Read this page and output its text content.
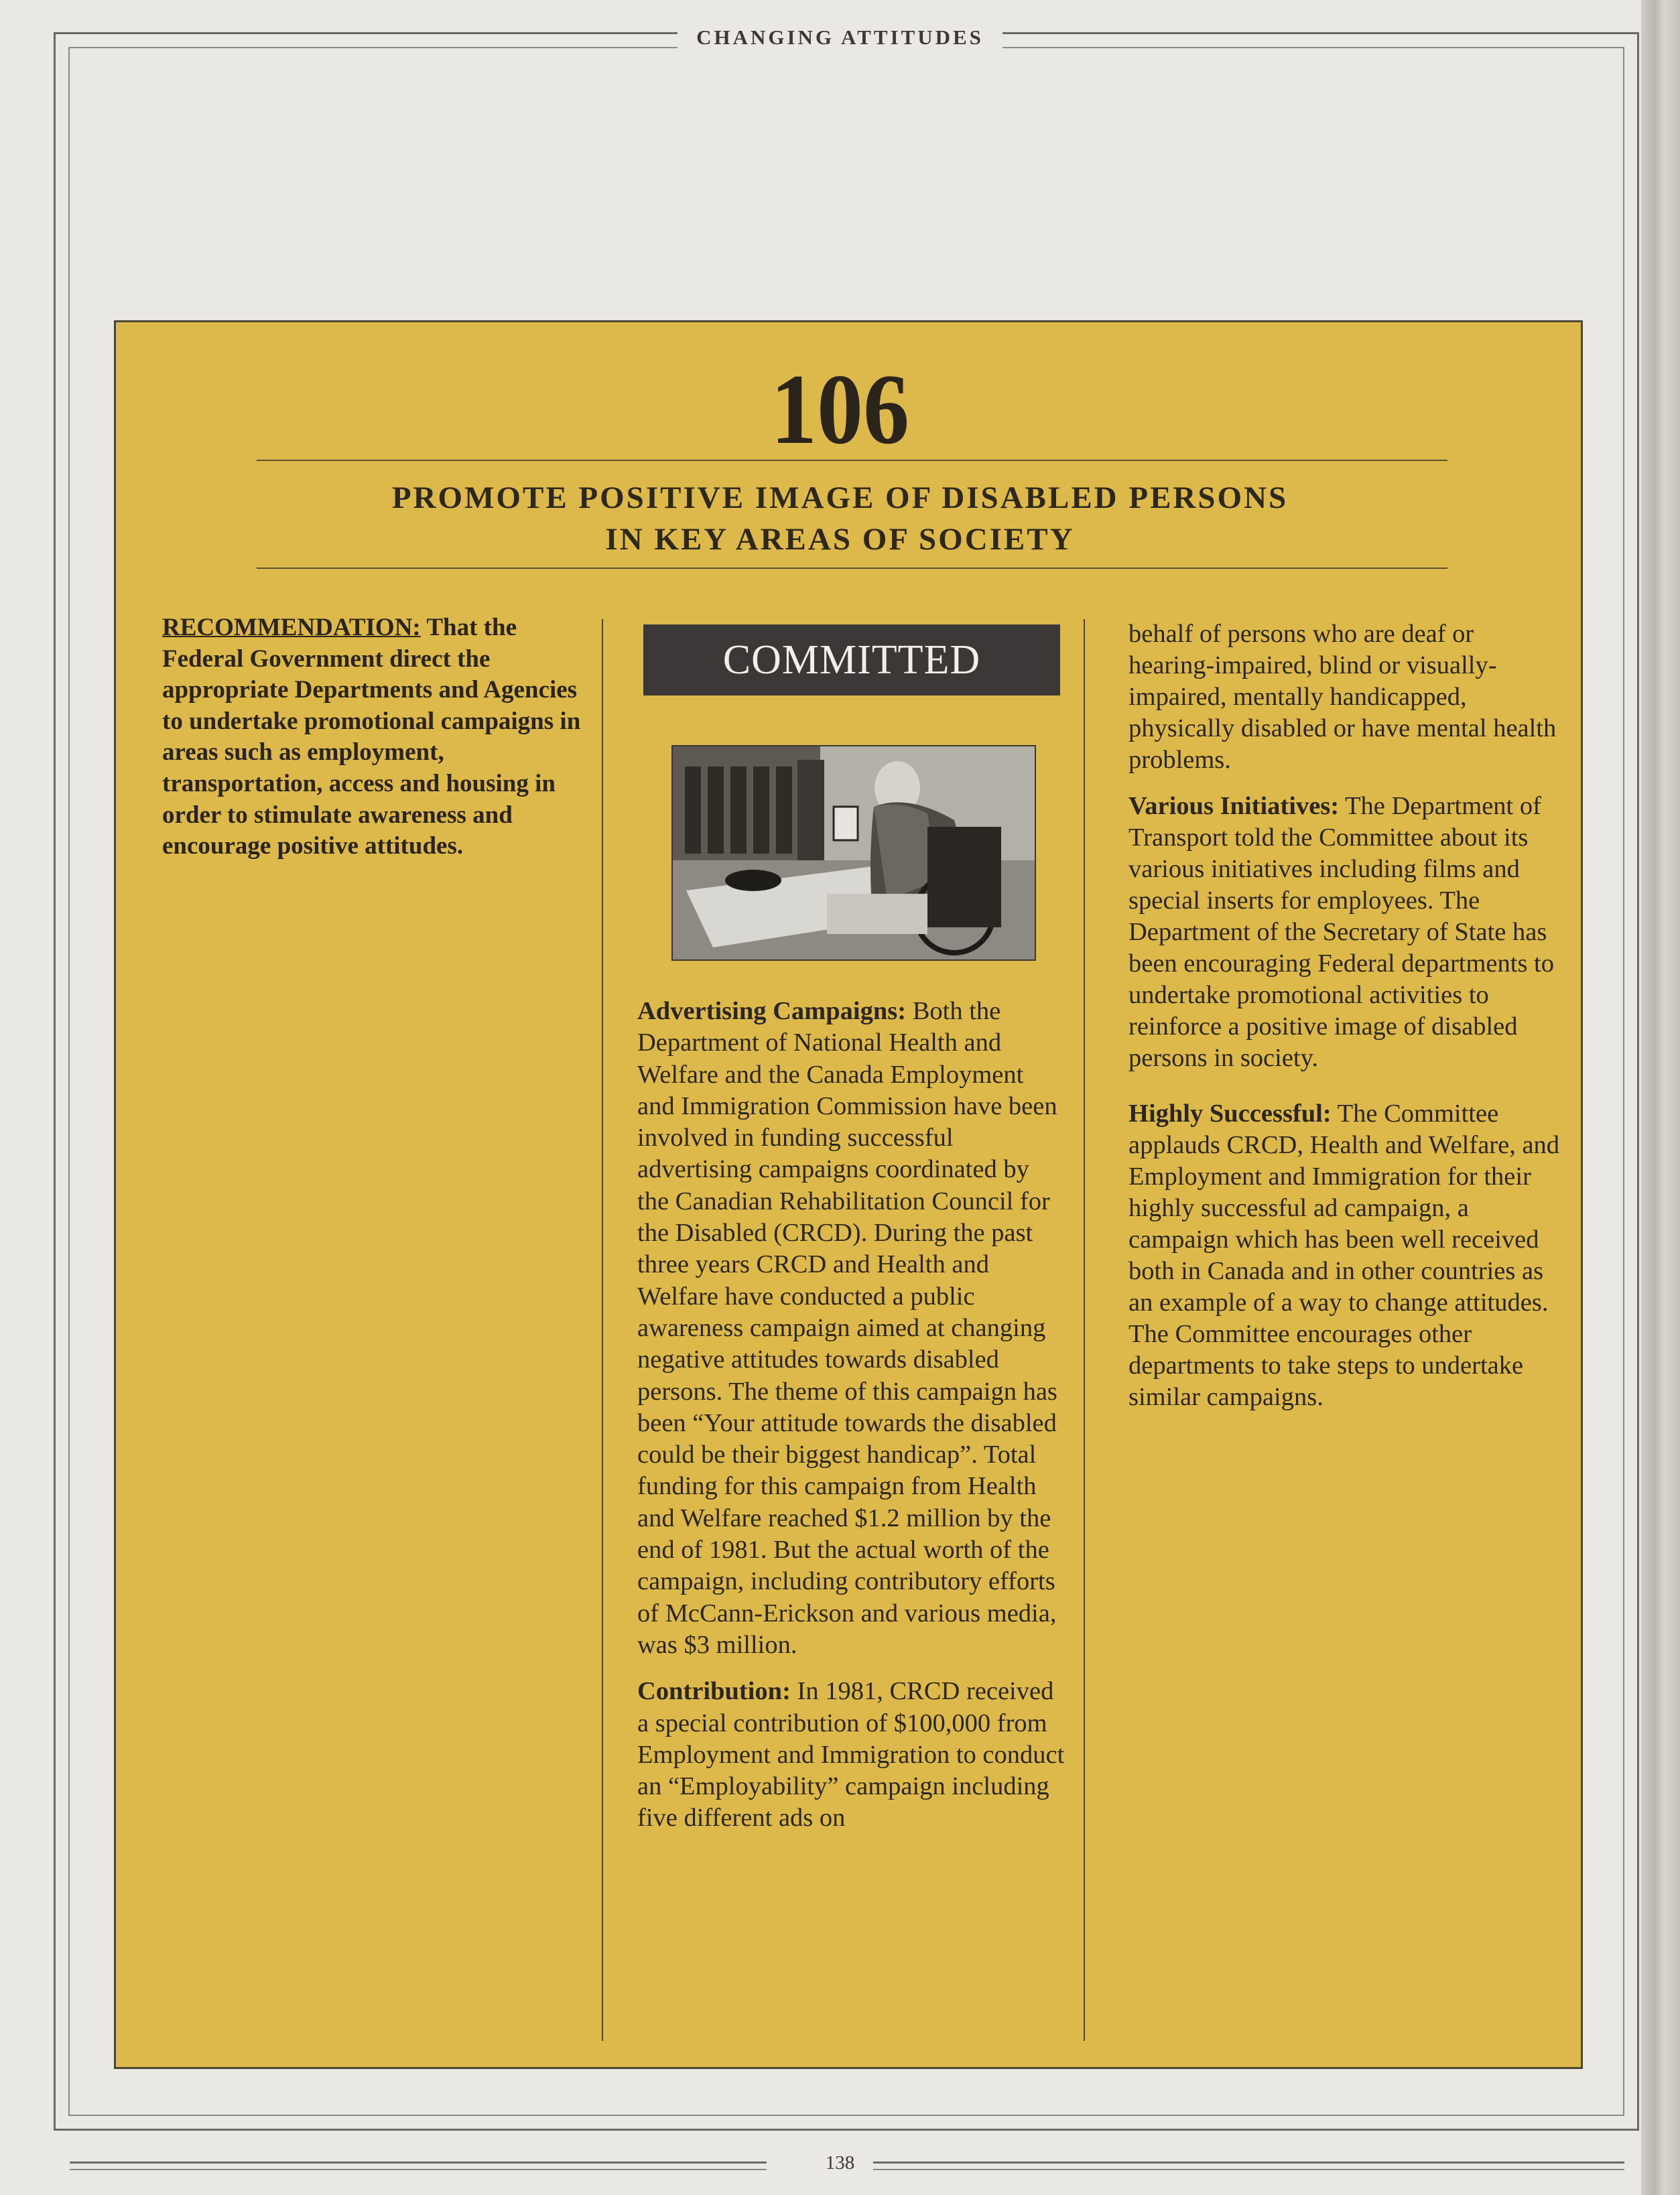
CHANGING ATTITUDES
138
106
PROMOTE POSITIVE IMAGE OF DISABLED PERSONS
IN KEY AREAS OF SOCIETY
RECOMMENDATION: That the Federal Government direct the appropriate Departments and Agencies to undertake promotional campaigns in areas such as employment, transportation, access and housing in order to stimulate awareness and encourage positive attitudes.
COMMITTED

Advertising Campaigns: Both the Department of National Health and Welfare and the Canada Employment and Immigration Commission have been involved in funding successful advertising campaigns coordinated by the Canadian Rehabilitation Council for the Disabled (CRCD). During the past three years CRCD and Health and Welfare have conducted a public awareness campaign aimed at changing negative attitudes towards disabled persons. The theme of this campaign has been “Your attitude towards the disabled could be their biggest handicap”. Total funding for this campaign from Health and Welfare reached $1.2 million by the end of 1981. But the actual worth of the campaign, including contributory efforts of McCann-Erickson and various media, was $3 million.

Contribution: In 1981, CRCD received a special contribution of $100,000 from Employment and Immigration to conduct an “Employability” campaign including five different ads on

behalf of persons who are deaf or hearing-impaired, blind or visually-impaired, mentally handicapped, physically disabled or have mental health problems.

Various Initiatives: The Department of Transport told the Committee about its various initiatives including films and special inserts for employees. The Department of the Secretary of State has been encouraging Federal departments to undertake promotional activities to reinforce a positive image of disabled persons in society.

Highly Successful: The Committee applauds CRCD, Health and Welfare, and Employment and Immigration for their highly successful ad campaign, a campaign which has been well received both in Canada and in other countries as an example of a way to change attitudes. The Committee encourages other departments to take steps to undertake similar campaigns.
